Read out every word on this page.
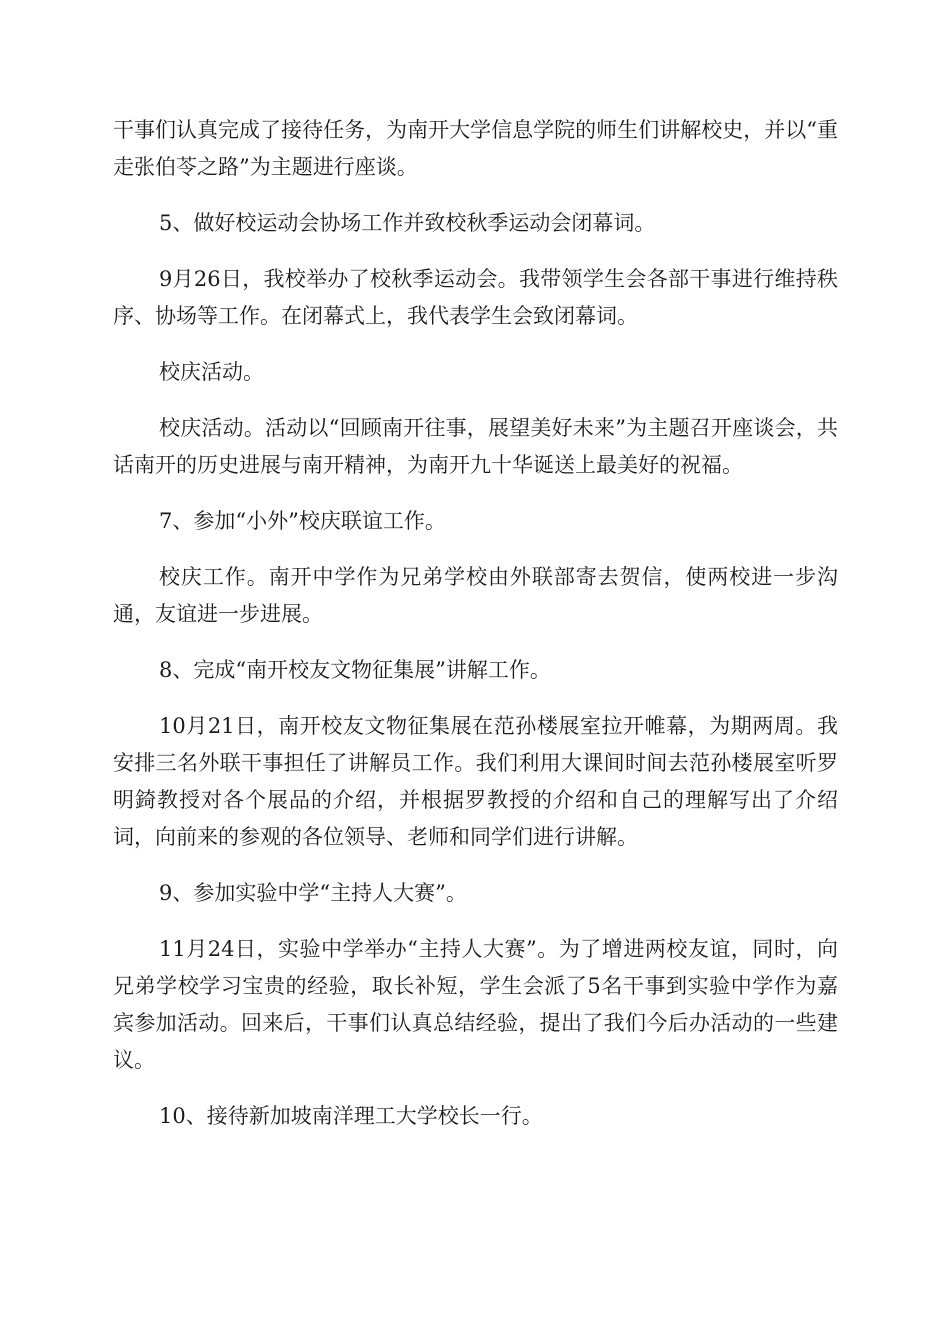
干事们认真完成了接待任务，为南开大学信息学院的师生们讲解校史，并以“重走张伯苓之路”为主题进行座谈。

5、做好校运动会协场工作并致校秋季运动会闭幕词。

9月26日，我校举办了校秋季运动会。我带领学生会各部干事进行维持秩序、协场等工作。在闭幕式上，我代表学生会致闭幕词。

校庆活动。

校庆活动。活动以“回顾南开往事，展望美好未来”为主题召开座谈会，共话南开的历史进展与南开精神，为南开九十华诞送上最美好的祝福。

7、参加“小外”校庆联谊工作。

校庆工作。南开中学作为兄弟学校由外联部寄去贺信，使两校进一步沟通，友谊进一步进展。

8、完成“南开校友文物征集展”讲解工作。

10月21日，南开校友文物征集展在范孙楼展室拉开帷幕，为期两周。我安排三名外联干事担任了讲解员工作。我们利用大课间时间去范孙楼展室听罗明錡教授对各个展品的介绍，并根据罗教授的介绍和自己的理解写出了介绍词，向前来的参观的各位领导、老师和同学们进行讲解。

9、参加实验中学“主持人大赛”。

11月24日，实验中学举办“主持人大赛”。为了增进两校友谊，同时，向兄弟学校学习宝贵的经验，取长补短，学生会派了5名干事到实验中学作为嘉宾参加活动。回来后，干事们认真总结经验，提出了我们今后办活动的一些建议。

10、接待新加坡南洋理工大学校长一行。
